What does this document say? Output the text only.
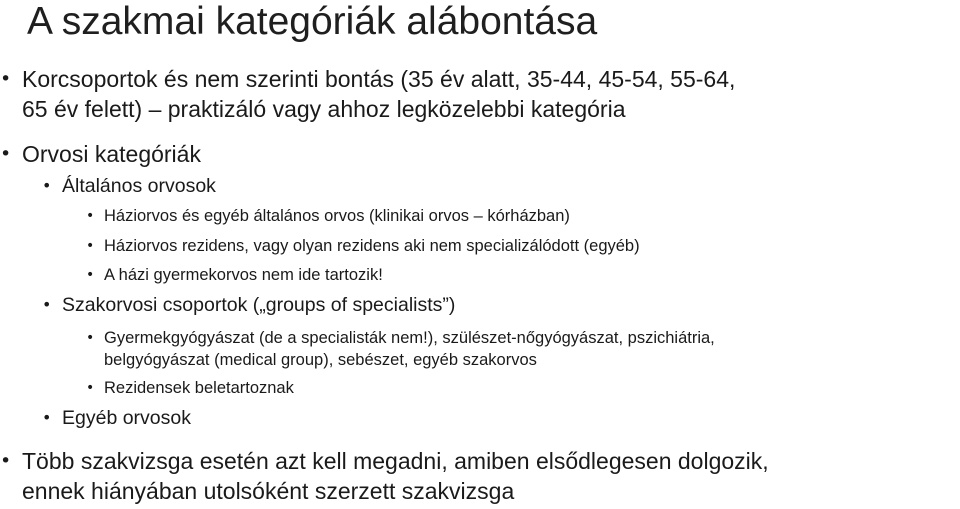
A szakmai kategóriák alábontása
• Korcsoportok és nem szerinti bontás (35 év alatt, 35-44, 45-54, 55-64,
65 év felett) – praktizáló vagy ahhoz legközelebbi kategória
• Orvosi kategóriák
• Általános orvosok
• Háziorvos és egyéb általános orvos (klinikai orvos – kórházban)
• Háziorvos rezidens, vagy olyan rezidens aki nem specializálódott (egyéb)
• A házi gyermekorvos nem ide tartozik!
• Szakorvosi csoportok („groups of specialists”)
• Gyermekgyógyászat (de a specialisták nem!), szülészet-nőgyógyászat, pszichiátria,
belgyógyászat (medical group), sebészet, egyéb szakorvos
• Rezidensek beletartoznak
• Egyéb orvosok
• Több szakvizsga esetén azt kell megadni, amiben elsődlegesen dolgozik,
ennek hiányában utolsóként szerzett szakvizsga
